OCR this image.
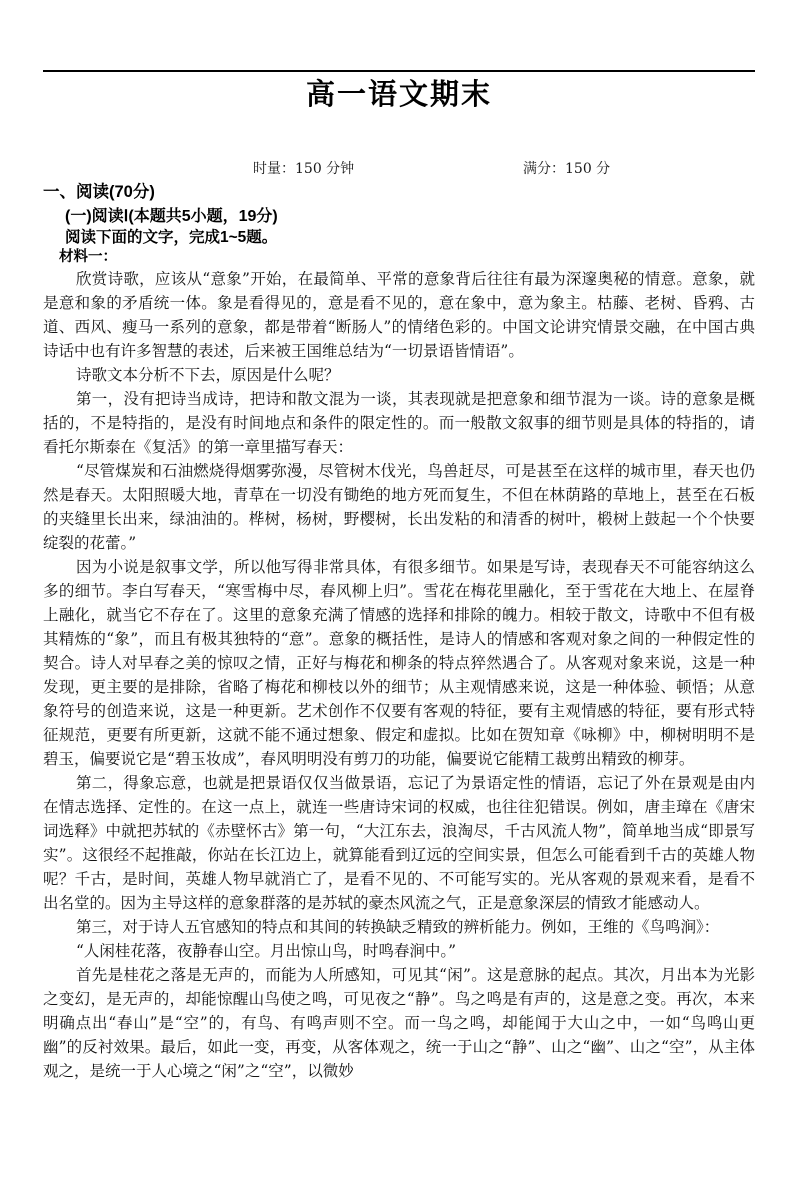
高一语文期末
时量：150 分钟	满分：150 分
一、阅读(70分)
(一)阅读Ⅰ(本题共5小题，19分)
阅读下面的文字，完成1~5题。
材料一：

欣赏诗歌，应该从“意象”开始，在最简单、平常的意象背后往往有最为深邃奥秘的情意。意象，就是意和象的矛盾统一体。象是看得见的，意是看不见的，意在象中，意为象主。枯藤、老树、昏鸦、古道、西风、瘦马一系列的意象，都是带着“断肠人”的情绪色彩的。中国文论讲究情景交融，在中国古典诗话中也有许多智慧的表述，后来被王国维总结为“一切景语皆情语”。

诗歌文本分析不下去，原因是什么呢？

第一，没有把诗当成诗，把诗和散文混为一谈，其表现就是把意象和细节混为一谈。诗的意象是概括的，不是特指的，是没有时间地点和条件的限定性的。而一般散文叙事的细节则是具体的特指的，请看托尔斯泰在《复活》的第一章里描写春天：

“尽管煤炭和石油燃烧得烟雾弥漫，尽管树木伐光，鸟兽赶尽，可是甚至在这样的城市里，春天也仍然是春天。太阳照暖大地，青草在一切没有锄绝的地方死而复生，不但在林荫路的草地上，甚至在石板的夹缝里长出来，绿油油的。桦树，杨树，野樱树，长出发粘的和清香的树叶，椴树上鼓起一个个快要绽裂的花蕾。”

因为小说是叙事文学，所以他写得非常具体，有很多细节。如果是写诗，表现春天不可能容纳这么多的细节。李白写春天，“寒雪梅中尽，春风柳上归”。雪花在梅花里融化，至于雪花在大地上、在屋脊上融化，就当它不存在了。这里的意象充满了情感的选择和排除的魄力。相较于散文，诗歌中不但有极其精炼的“象”，而且有极其独特的“意”。意象的概括性，是诗人的情感和客观对象之间的一种假定性的契合。诗人对早春之美的惊叹之情，正好与梅花和柳条的特点猝然遇合了。从客观对象来说，这是一种发现，更主要的是排除，省略了梅花和柳枝以外的细节；从主观情感来说，这是一种体验、顿悟；从意象符号的创造来说，这是一种更新。艺术创作不仅要有客观的特征，要有主观情感的特征，要有形式特征规范，更要有所更新，这就不能不通过想象、假定和虚拟。比如在贺知章《咏柳》中，柳树明明不是碧玉，偏要说它是“碧玉妆成”，春风明明没有剪刀的功能，偏要说它能精工裁剪出精致的柳芽。

第二，得象忘意，也就是把景语仅仅当做景语，忘记了为景语定性的情语，忘记了外在景观是由内在情志选择、定性的。在这一点上，就连一些唐诗宋词的权威，也往往犯错误。例如，唐圭璋在《唐宋词选释》中就把苏轼的《赤壁怀古》第一句，“大江东去，浪淘尽，千古风流人物”，简单地当成“即景写实”。这很经不起推敲，你站在长江边上，就算能看到辽远的空间实景，但怎么可能看到千古的英雄人物呢？千古，是时间，英雄人物早就消亡了，是看不见的、不可能写实的。光从客观的景观来看，是看不出名堂的。因为主导这样的意象群落的是苏轼的豪杰风流之气，正是意象深层的情致才能感动人。

第三，对于诗人五官感知的特点和其间的转换缺乏精致的辨析能力。例如，王维的《鸟鸣涧》：

“人闲桂花落，夜静春山空。月出惊山鸟，时鸣春涧中。”

首先是桂花之落是无声的，而能为人所感知，可见其“闲”。这是意脉的起点。其次，月出本为光影之变幻，是无声的，却能惊醒山鸟使之鸣，可见夜之“静”。鸟之鸣是有声的，这是意之变。再次，本来明确点出“春山”是“空”的，有鸟、有鸣声则不空。而一鸟之鸣，却能闻于大山之中，一如“鸟鸣山更幽”的反衬效果。最后，如此一变，再变，从客体观之，统一于山之“静”、山之“幽”、山之“空”，从主体观之，是统一于人心境之“闲”之“空”，以微妙
